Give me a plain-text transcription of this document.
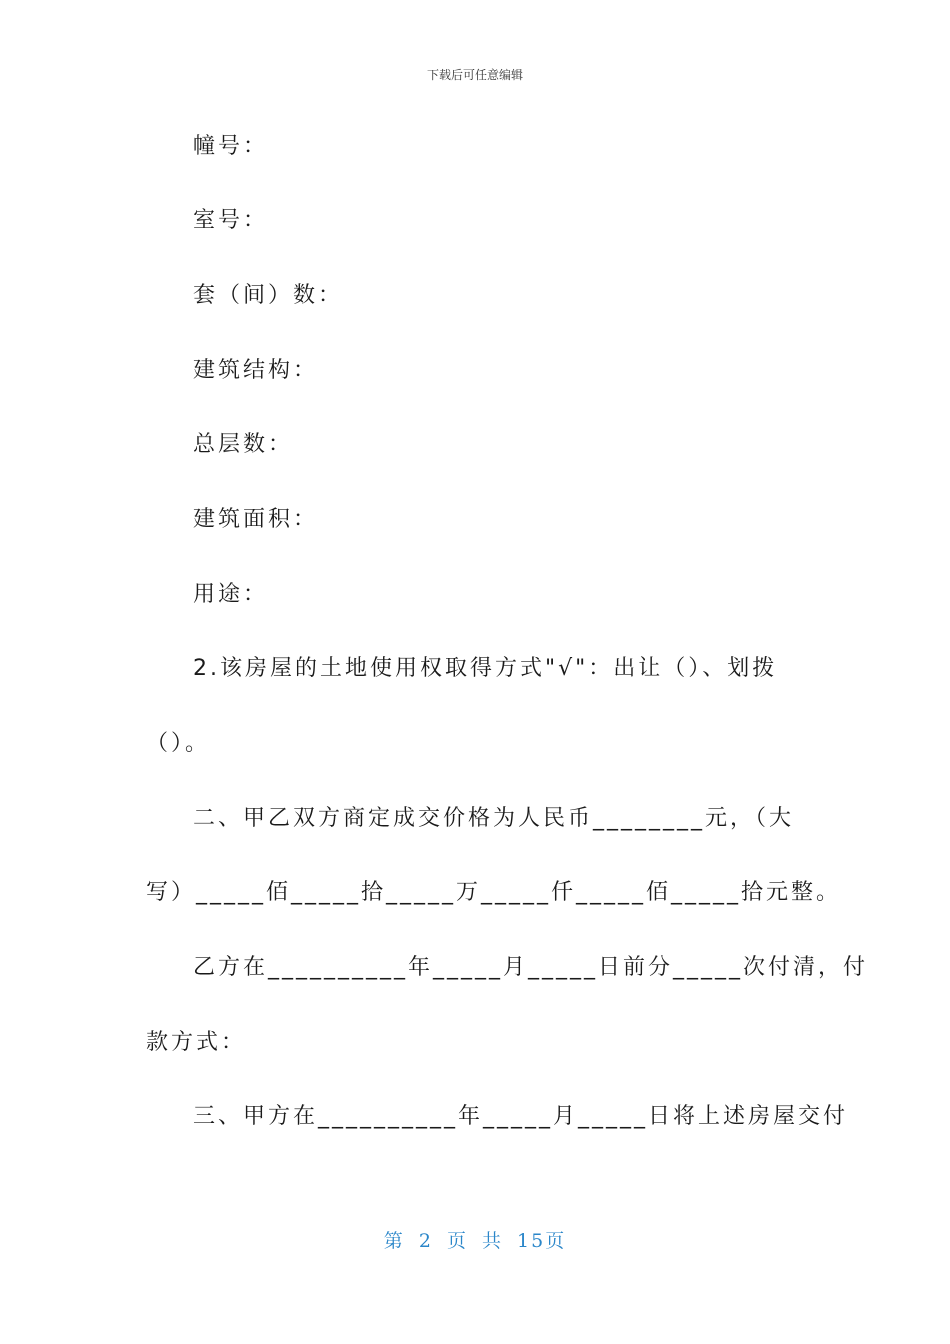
下载后可任意编辑
幢号：
室号：
套（间）数：
建筑结构：
总层数：
建筑面积：
用途：
2.该房屋的土地使用权取得方式"√"：出让（）、划拨
（）。
二、甲乙双方商定成交价格为人民币________元，（大
写）_____佰_____拾_____万_____仟_____佰_____拾元整。
乙方在__________年_____月_____日前分_____次付清，付
款方式：
三、甲方在__________年_____月_____日将上述房屋交付
第 2 页 共 15页
